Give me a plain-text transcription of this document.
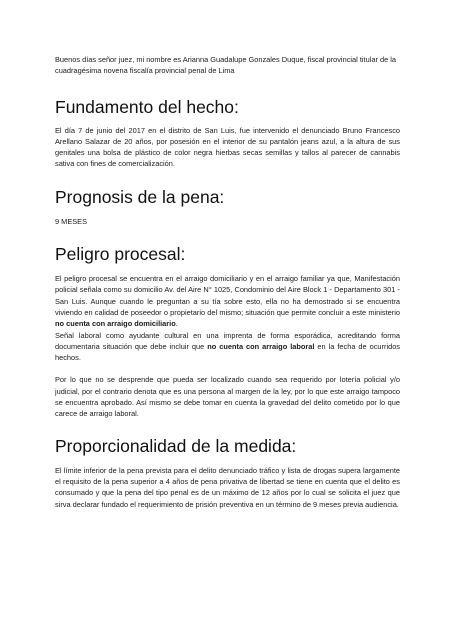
Buenos días señor juez, mi nombre es Arianna Guadalupe Gonzales Duque, fiscal provincial titular de la cuadragésima novena fiscalía provincial penal de Lima

Fundamento del hecho:

El día 7 de junio del 2017 en el distrito de San Luis, fue intervenido el denunciado Bruno Francesco Arellano Salazar de 20 años, por posesión en el interior de su pantalón jeans azul, a la altura de sus genitales una bolsa de plástico de color negra hierbas secas semillas y tallos al parecer de cannabis sativa con fines de comercialización.

Prognosis de la pena:

9 MESES

Peligro procesal:

El peligro procesal se encuentra en el arraigo domiciliario y en el arraigo familiar ya que, Manifestación policial señala como su domicilio Av. del Aire N° 1025, Condominio del Aire Block 1 - Departamento 301 - San Luis. Aunque cuando le preguntan a su tía sobre esto, ella no ha demostrado si se encuentra viviendo en calidad de poseedor o propietario del mismo; situación que permite concluir a este ministerio no cuenta con arraigo domiciliario.

Señal laboral como ayudante cultural en una imprenta de forma esporádica, acreditando forma documentaria situación que debe incluir que no cuenta con arraigo laboral en la fecha de ocurridos hechos.

Por lo que no se desprende que pueda ser localizado cuando sea requerido por lotería policial y/o judicial, por el contrario denota que es una persona al margen de la ley, por lo que este arraigo tampoco se encuentra aprobado. Así mismo se debe tomar en cuenta la gravedad del delito cometido por lo que carece de arraigo laboral.

Proporcionalidad de la medida:

El límite inferior de la pena prevista para el delito denunciado tráfico y lista de drogas supera largamente el requisito de la pena superior a 4 años de pena privativa de libertad se tiene en cuenta que el delito es consumado y que la pena del tipo penal es de un máximo de 12 años por lo cual se solicita el juez que sirva declarar fundado el requerimiento de prisión preventiva en un término de 9 meses previa audiencia.
